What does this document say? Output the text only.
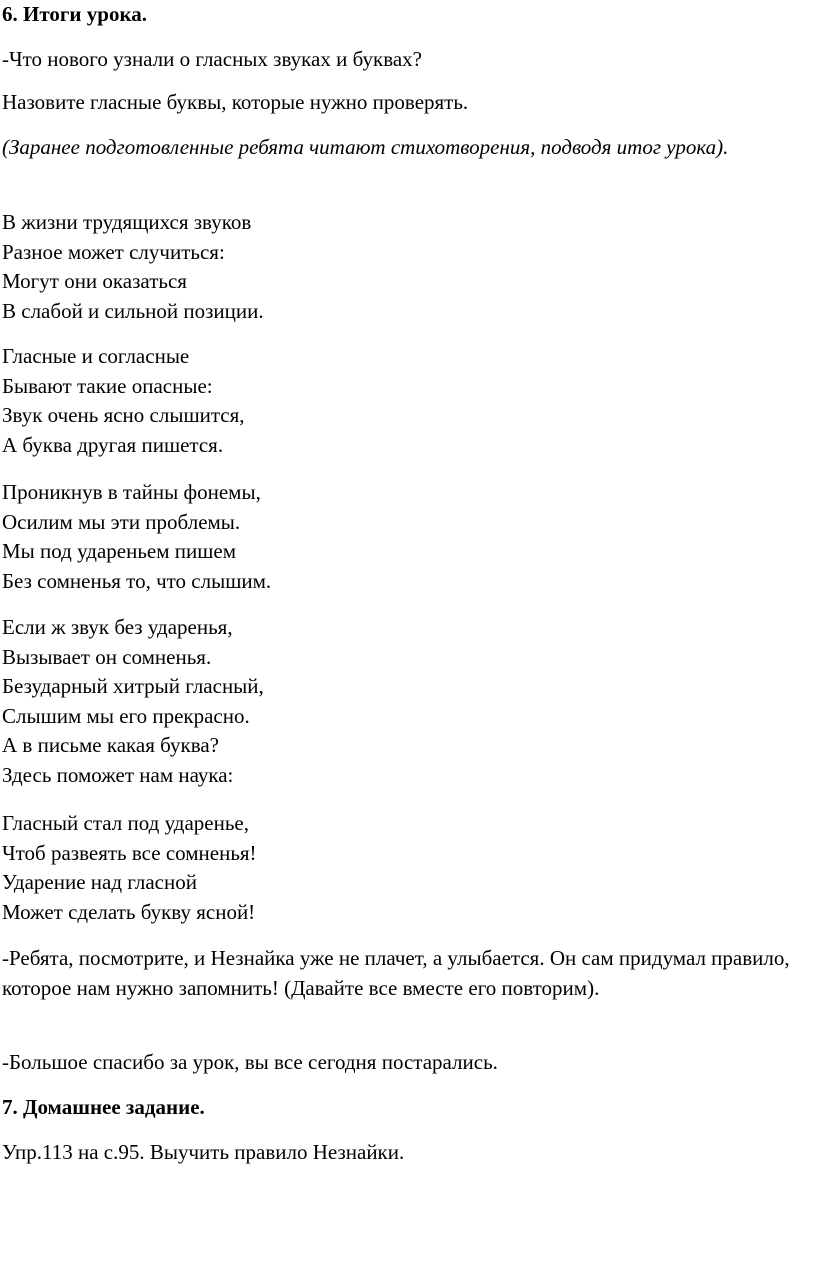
6. Итоги урока.

-Что нового узнали о гласных звуках и буквах?

Назовите гласные буквы, которые нужно проверять.

(Заранее подготовленные ребята читают стихотворения, подводя итог урока).

В жизни трудящихся звуков
Разное может случиться:
Могут они оказаться
В слабой и сильной позиции.
Гласные и согласные
Бывают такие опасные:
Звук очень ясно слышится,
А буква другая пишется.
Проникнув в тайны фонемы,
Осилим мы эти проблемы.
Мы под удареньем пишем
Без сомненья то, что слышим.
Если ж звук без ударенья,
Вызывает он сомненья.
Безударный хитрый гласный,
Слышим мы его прекрасно.
А в письме какая буква?
Здесь поможет нам наука:
Гласный стал под ударенье,
Чтоб развеять все сомненья!
Ударение над гласной
Может сделать букву ясной!

-Ребята, посмотрите, и Незнайка уже не плачет, а улыбается. Он сам придумал правило, которое нам нужно запомнить! (Давайте все вместе его повторим).

-Большое спасибо за урок, вы все сегодня постарались.

7. Домашнее задание.

Упр.113 на с.95. Выучить правило Незнайки.
